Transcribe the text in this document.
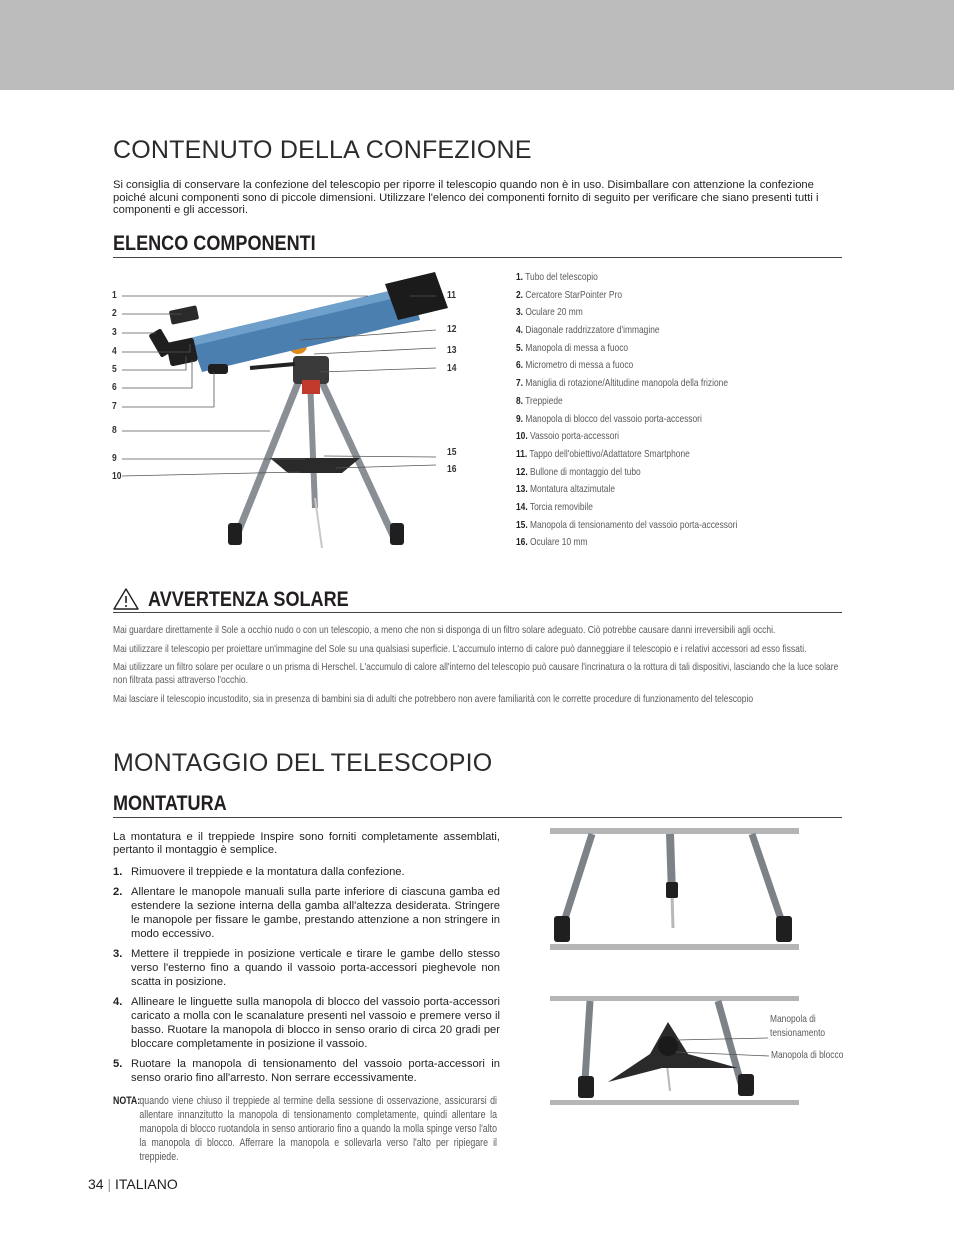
CONTENUTO DELLA CONFEZIONE

Si consiglia di conservare la confezione del telescopio per riporre il telescopio quando non è in uso. Disimballare con attenzione la confezione poiché alcuni componenti sono di piccole dimensioni. Utilizzare l'elenco dei componenti fornito di seguito per verificare che siano presenti tutti i componenti e gli accessori.

ELENCO COMPONENTI
1
2
3
4
5
6
7
8
9
10
11
12
13
14
15
16
1. Tubo del telescopio
2. Cercatore StarPointer Pro
3. Oculare 20 mm
4. Diagonale raddrizzatore d'immagine
5. Manopola di messa a fuoco
6. Micrometro di messa a fuoco
7. Maniglia di rotazione/Altitudine manopola della frizione
8. Treppiede
9. Manopola di blocco del vassoio porta-accessori
10. Vassoio porta-accessori
11. Tappo dell'obiettivo/Adattatore Smartphone
12. Bullone di montaggio del tubo
13. Montatura altazimutale
14. Torcia removibile
15. Manopola di tensionamento del vassoio porta-accessori
16. Oculare 10 mm
AVVERTENZA SOLARE

Mai guardare direttamente il Sole a occhio nudo o con un telescopio, a meno che non si disponga di un filtro solare adeguato. Ciò potrebbe causare danni irreversibili agli occhi.

Mai utilizzare il telescopio per proiettare un'immagine del Sole su una qualsiasi superficie. L'accumulo interno di calore può danneggiare il telescopio e i relativi accessori ad esso fissati.

Mai utilizzare un filtro solare per oculare o un prisma di Herschel. L'accumulo di calore all'interno del telescopio può causare l'incrinatura o la rottura di tali dispositivi, lasciando che la luce solare non filtrata passi attraverso l'occhio.

Mai lasciare il telescopio incustodito, sia in presenza di bambini sia di adulti che potrebbero non avere familiarità con le corrette procedure di funzionamento del telescopio

MONTAGGIO DEL TELESCOPIO
MONTATURA

La montatura e il treppiede Inspire sono forniti completamente assemblati, pertanto il montaggio è semplice.

1. Rimuovere il treppiede e la montatura dalla confezione.
2. Allentare le manopole manuali sulla parte inferiore di ciascuna gamba ed estendere la sezione interna della gamba all'altezza desiderata. Stringere le manopole per fissare le gambe, prestando attenzione a non stringere in modo eccessivo.
3. Mettere il treppiede in posizione verticale e tirare le gambe dello stesso verso l'esterno fino a quando il vassoio porta-accessori pieghevole non scatta in posizione.
4. Allineare le linguette sulla manopola di blocco del vassoio porta-accessori caricato a molla con le scanalature presenti nel vassoio e premere verso il basso. Ruotare la manopola di blocco in senso orario di circa 20 gradi per bloccare completamente in posizione il vassoio.
5. Ruotare la manopola di tensionamento del vassoio porta-accessori in senso orario fino all'arresto. Non serrare eccessivamente.
NOTA: quando viene chiuso il treppiede al termine della sessione di osservazione, assicurarsi di allentare innanzitutto la manopola di tensionamento completamente, quindi allentare la manopola di blocco ruotandola in senso antiorario fino a quando la molla spinge verso l'alto la manopola di blocco. Afferrare la manopola e sollevarla verso l'alto per ripiegare il treppiede.
Manopola di
tensionamento
Manopola di blocco
34 | ITALIANO
